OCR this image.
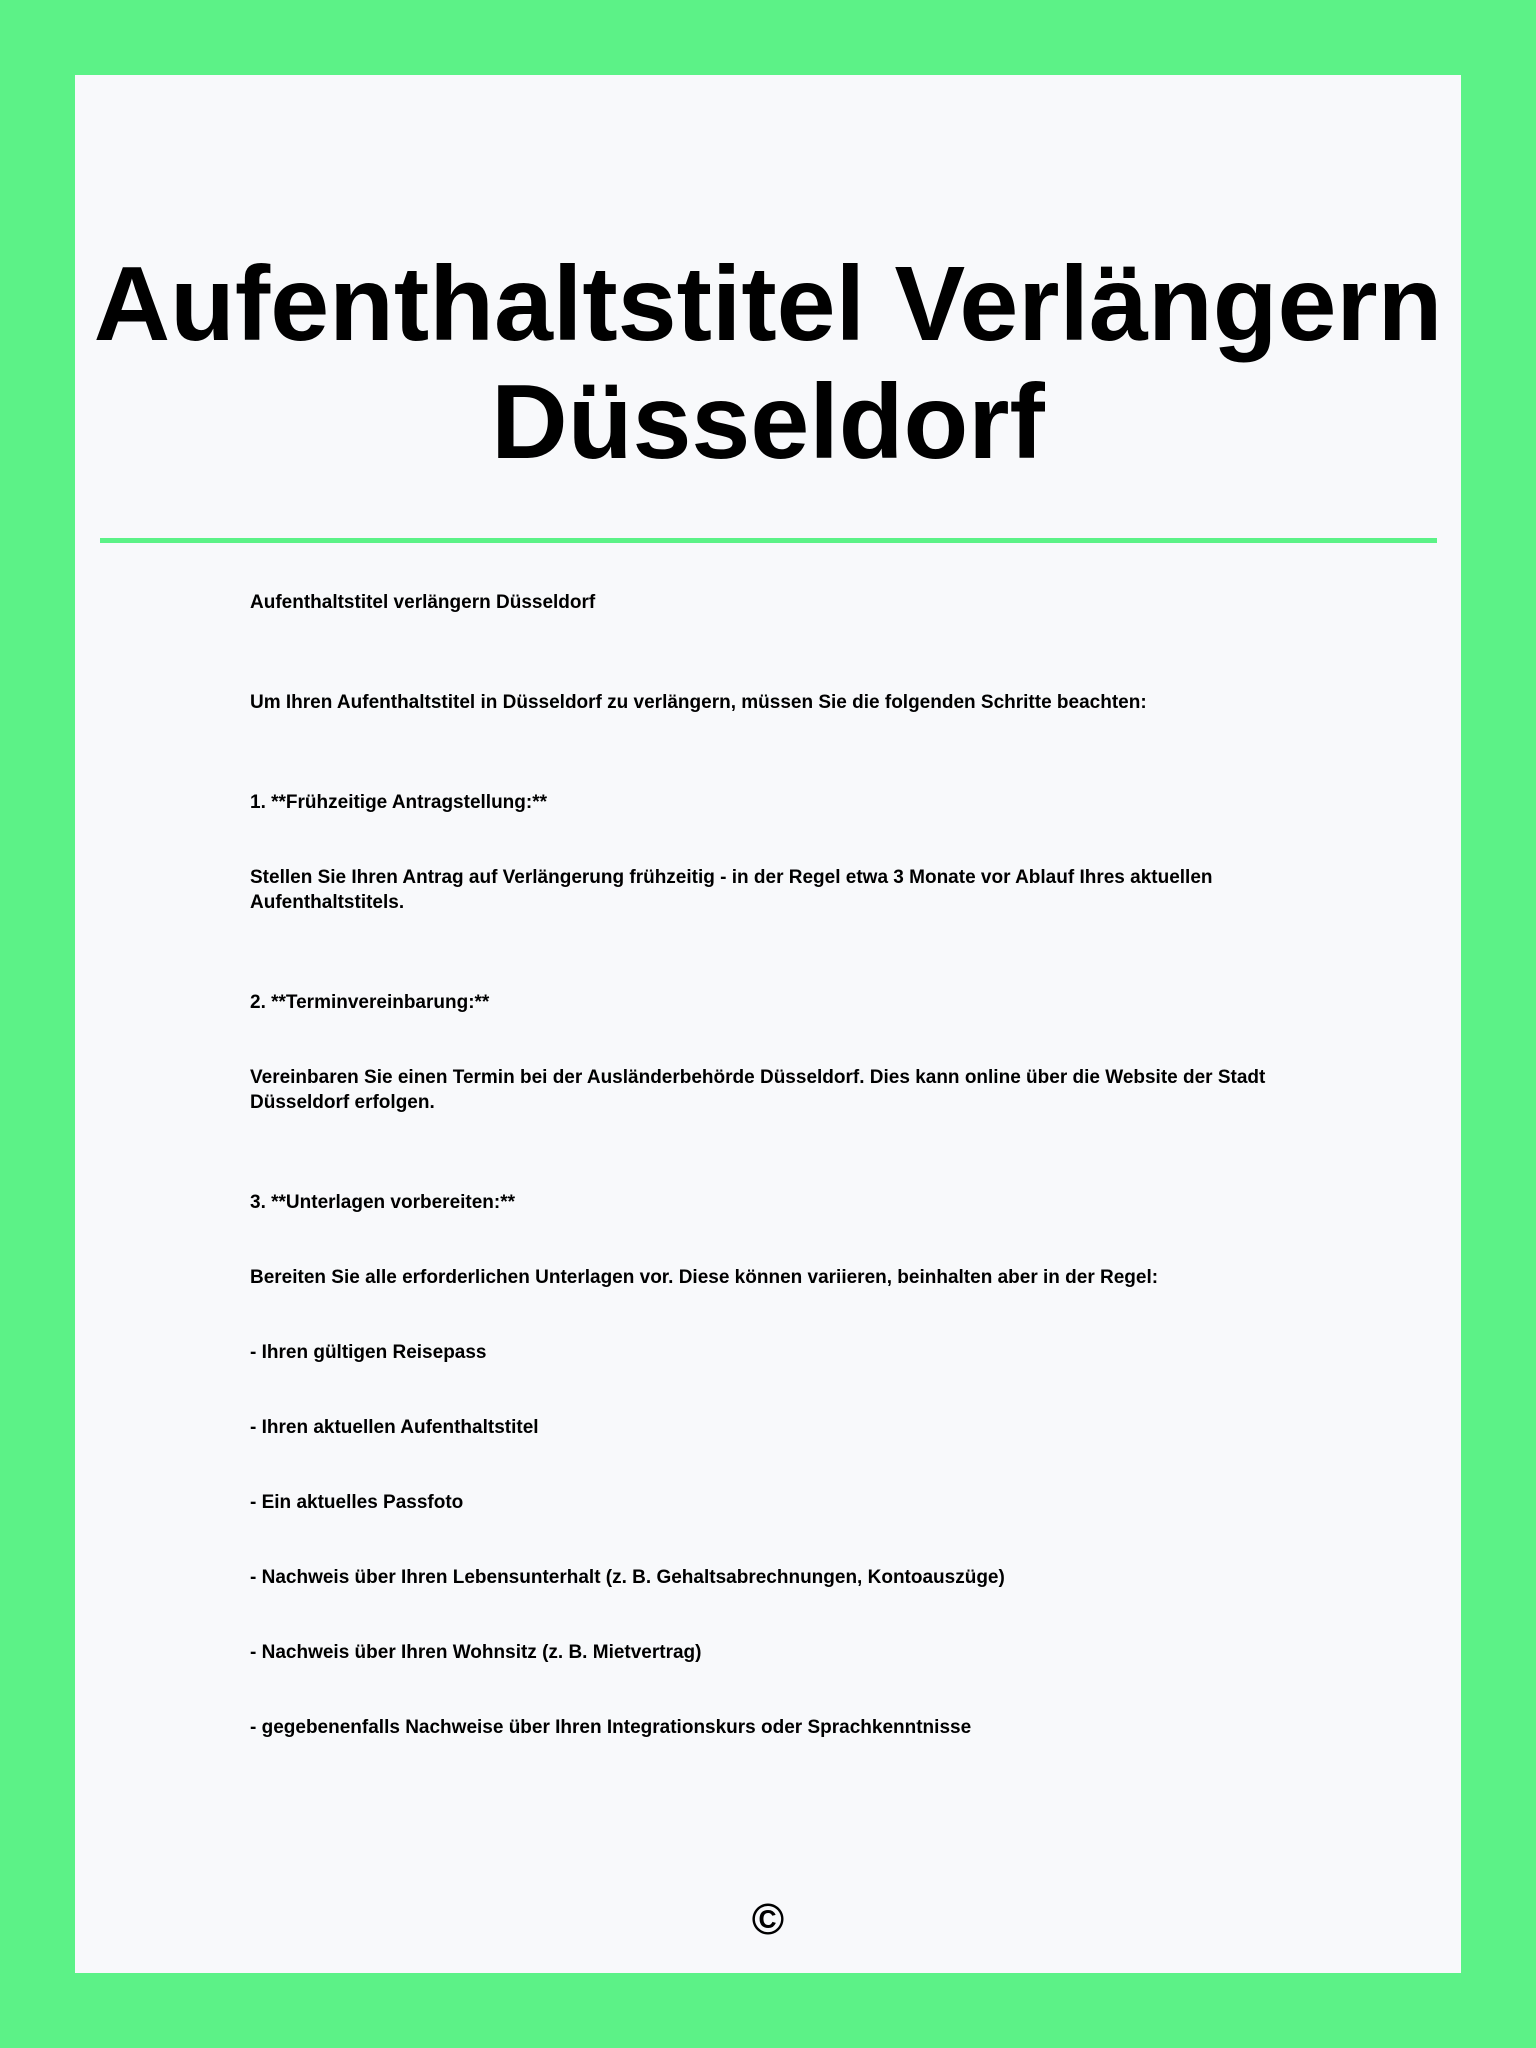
Aufenthaltstitel Verlängern Düsseldorf

Aufenthaltstitel verlängern Düsseldorf

Um Ihren Aufenthaltstitel in Düsseldorf zu verlängern, müssen Sie die folgenden Schritte beachten:

1. **Frühzeitige Antragstellung:**

Stellen Sie Ihren Antrag auf Verlängerung frühzeitig - in der Regel etwa 3 Monate vor Ablauf Ihres aktuellen Aufenthaltstitels.

2. **Terminvereinbarung:**

Vereinbaren Sie einen Termin bei der Ausländerbehörde Düsseldorf. Dies kann online über die Website der Stadt Düsseldorf erfolgen.

3. **Unterlagen vorbereiten:**

Bereiten Sie alle erforderlichen Unterlagen vor. Diese können variieren, beinhalten aber in der Regel:

- Ihren gültigen Reisepass

- Ihren aktuellen Aufenthaltstitel

- Ein aktuelles Passfoto

- Nachweis über Ihren Lebensunterhalt (z. B. Gehaltsabrechnungen, Kontoauszüge)

- Nachweis über Ihren Wohnsitz (z. B. Mietvertrag)

- gegebenenfalls Nachweise über Ihren Integrationskurs oder Sprachkenntnisse

©
